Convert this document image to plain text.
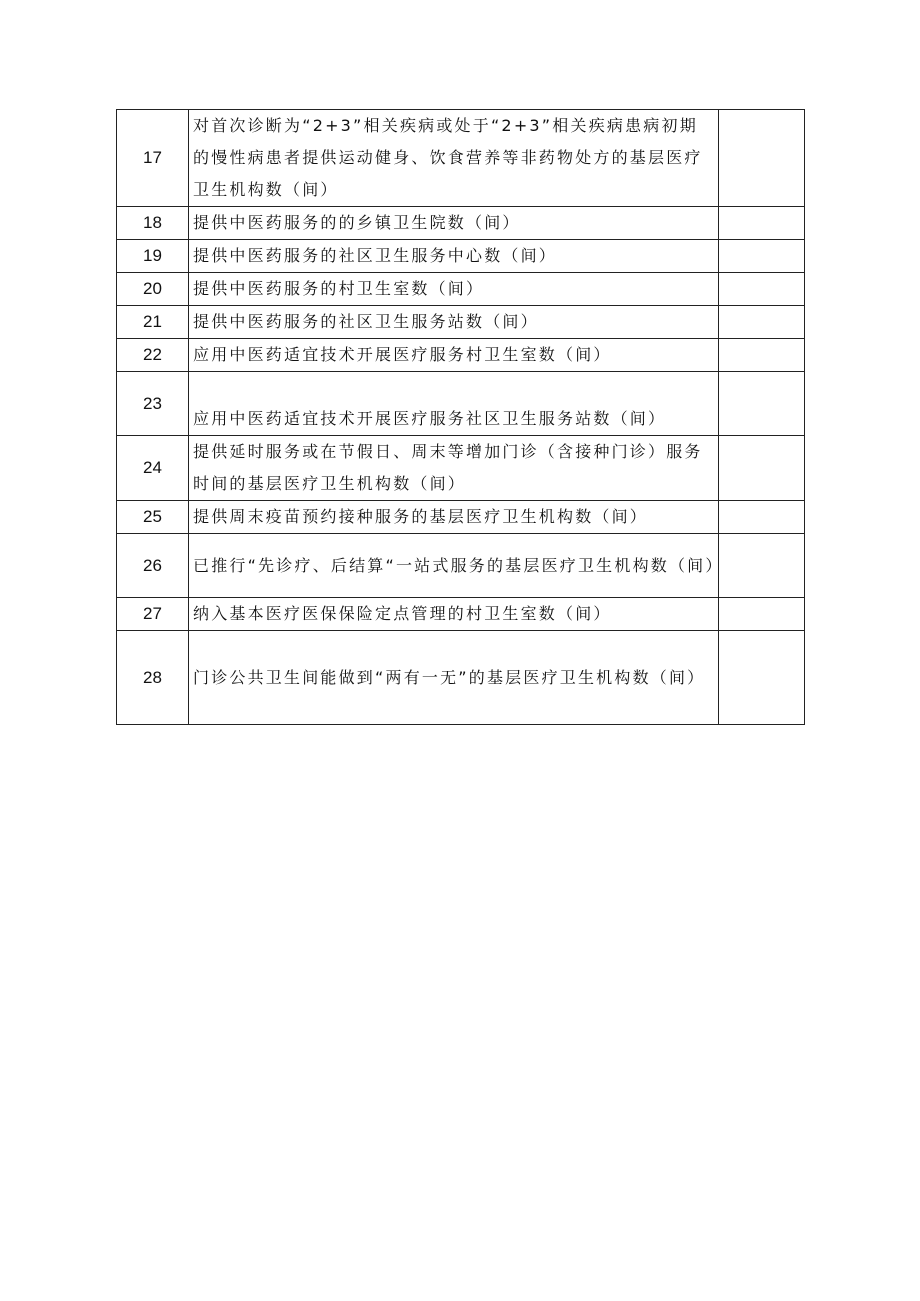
17	对首次诊断为“2+3”相关疾病或处于“2+3”相关疾病患病初期的慢性病患者提供运动健身、饮食营养等非药物处方的基层医疗卫生机构数（间）	
18	提供中医药服务的的乡镇卫生院数（间）	
19	提供中医药服务的社区卫生服务中心数（间）	
20	提供中医药服务的村卫生室数（间）	
21	提供中医药服务的社区卫生服务站数（间）	
22	应用中医药适宜技术开展医疗服务村卫生室数（间）	
23	应用中医药适宜技术开展医疗服务社区卫生服务站数（间）	
24	提供延时服务或在节假日、周末等增加门诊（含接种门诊）服务时间的基层医疗卫生机构数（间）	
25	提供周末疫苗预约接种服务的基层医疗卫生机构数（间）	
26	已推行“先诊疗、后结算“一站式服务的基层医疗卫生机构数（间）	
27	纳入基本医疗医保保险定点管理的村卫生室数（间）	
28	门诊公共卫生间能做到“两有一无”的基层医疗卫生机构数（间）	
